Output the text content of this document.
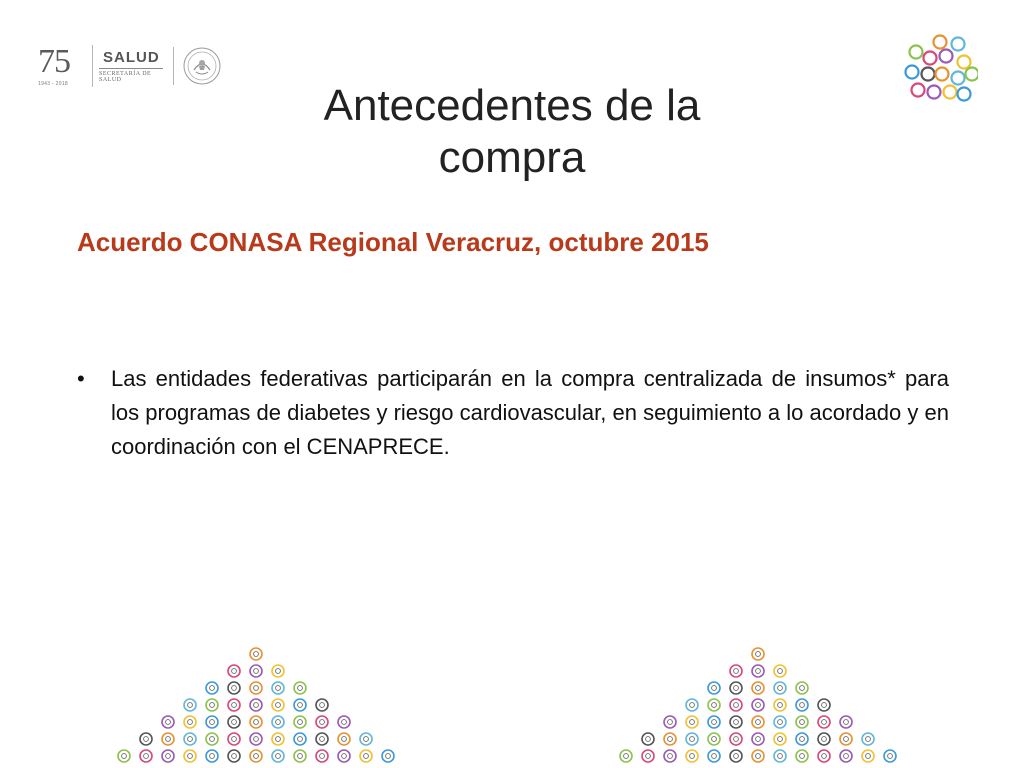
75
1943 - 2018
SALUD
SECRETARÍA DE SALUD
Antecedentes de la
compra
Acuerdo CONASA Regional Veracruz, octubre 2015
• Las entidades federativas participarán en la compra centralizada de insumos* para los programas de diabetes y riesgo cardiovascular, en seguimiento a lo acordado y en coordinación con el CENAPRECE.
